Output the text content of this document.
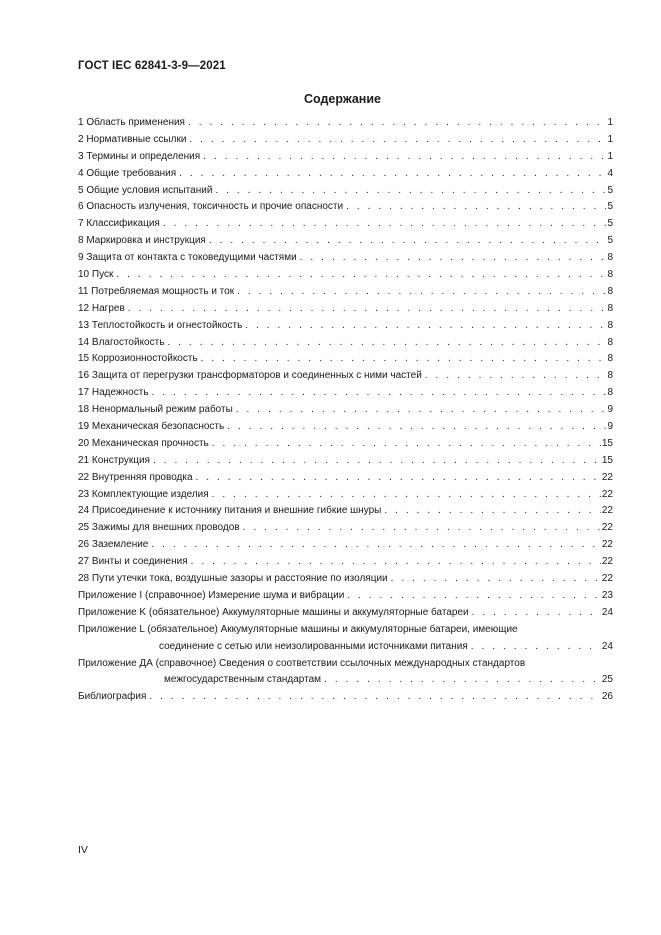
ГОСТ IEC 62841-3-9—2021
Содержание
1 Область применения . . .	1
2 Нормативные ссылки . . .	1
3 Термины и определения . . .	1
4 Общие требования . . .	4
5 Общие условия испытаний . . .	5
6 Опасность излучения, токсичность и прочие опасности . . .	5
7 Классификация . . .	5
8 Маркировка и инструкция . . .	5
9 Защита от контакта с токоведущими частями . . .	8
10 Пуск . . .	8
11 Потребляемая мощность и ток . . .	8
12 Нагрев . . .	8
13 Теплостойкость и огнестойкость . . .	8
14 Влагостойкость . . .	8
15 Коррозионностойкость . . .	8
16 Защита от перегрузки трансформаторов и соединенных с ними частей . . .	8
17 Надежность . . .	8
18 Ненормальный режим работы . . .	9
19 Механическая безопасность . . .	9
20 Механическая прочность . . .	15
21 Конструкция . . .	15
22 Внутренняя проводка . . .	22
23 Комплектующие изделия . . .	22
24 Присоединение к источнику питания и внешние гибкие шнуры . . .	22
25 Зажимы для внешних проводов . . .	22
26 Заземление . . .	22
27 Винты и соединения . . .	22
28 Пути утечки тока, воздушные зазоры и расстояние по изоляции . . .	22
Приложение I (справочное) Измерение шума и вибрации . . .	23
Приложение K (обязательное) Аккумуляторные машины и аккумуляторные батареи . . .	24
Приложение L (обязательное) Аккумуляторные машины и аккумуляторные батареи, имеющие
соединение с сетью или неизолированными источниками питания . . .	24
Приложение ДА (справочное) Сведения о соответствии ссылочных международных стандартов
межгосударственным стандартам . . .	25
Библиография . . .	26
IV
